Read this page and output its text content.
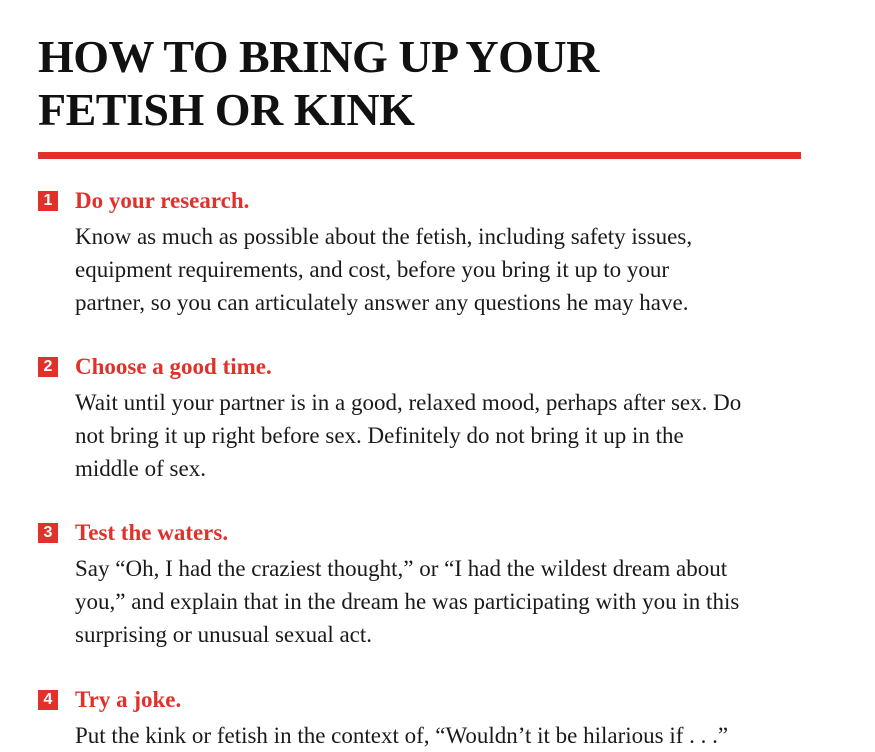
HOW TO BRING UP YOUR
FETISH OR KINK
1 Do your research.
Know as much as possible about the fetish, including safety issues,
equipment requirements, and cost, before you bring it up to your
partner, so you can articulately answer any questions he may have.
2 Choose a good time.
Wait until your partner is in a good, relaxed mood, perhaps after sex. Do
not bring it up right before sex. Definitely do not bring it up in the
middle of sex.
3 Test the waters.
Say “Oh, I had the craziest thought,” or “I had the wildest dream about
you,” and explain that in the dream he was participating with you in this
surprising or unusual sexual act.
4 Try a joke.
Put the kink or fetish in the context of, “Wouldn’t it be hilarious if . . .”
